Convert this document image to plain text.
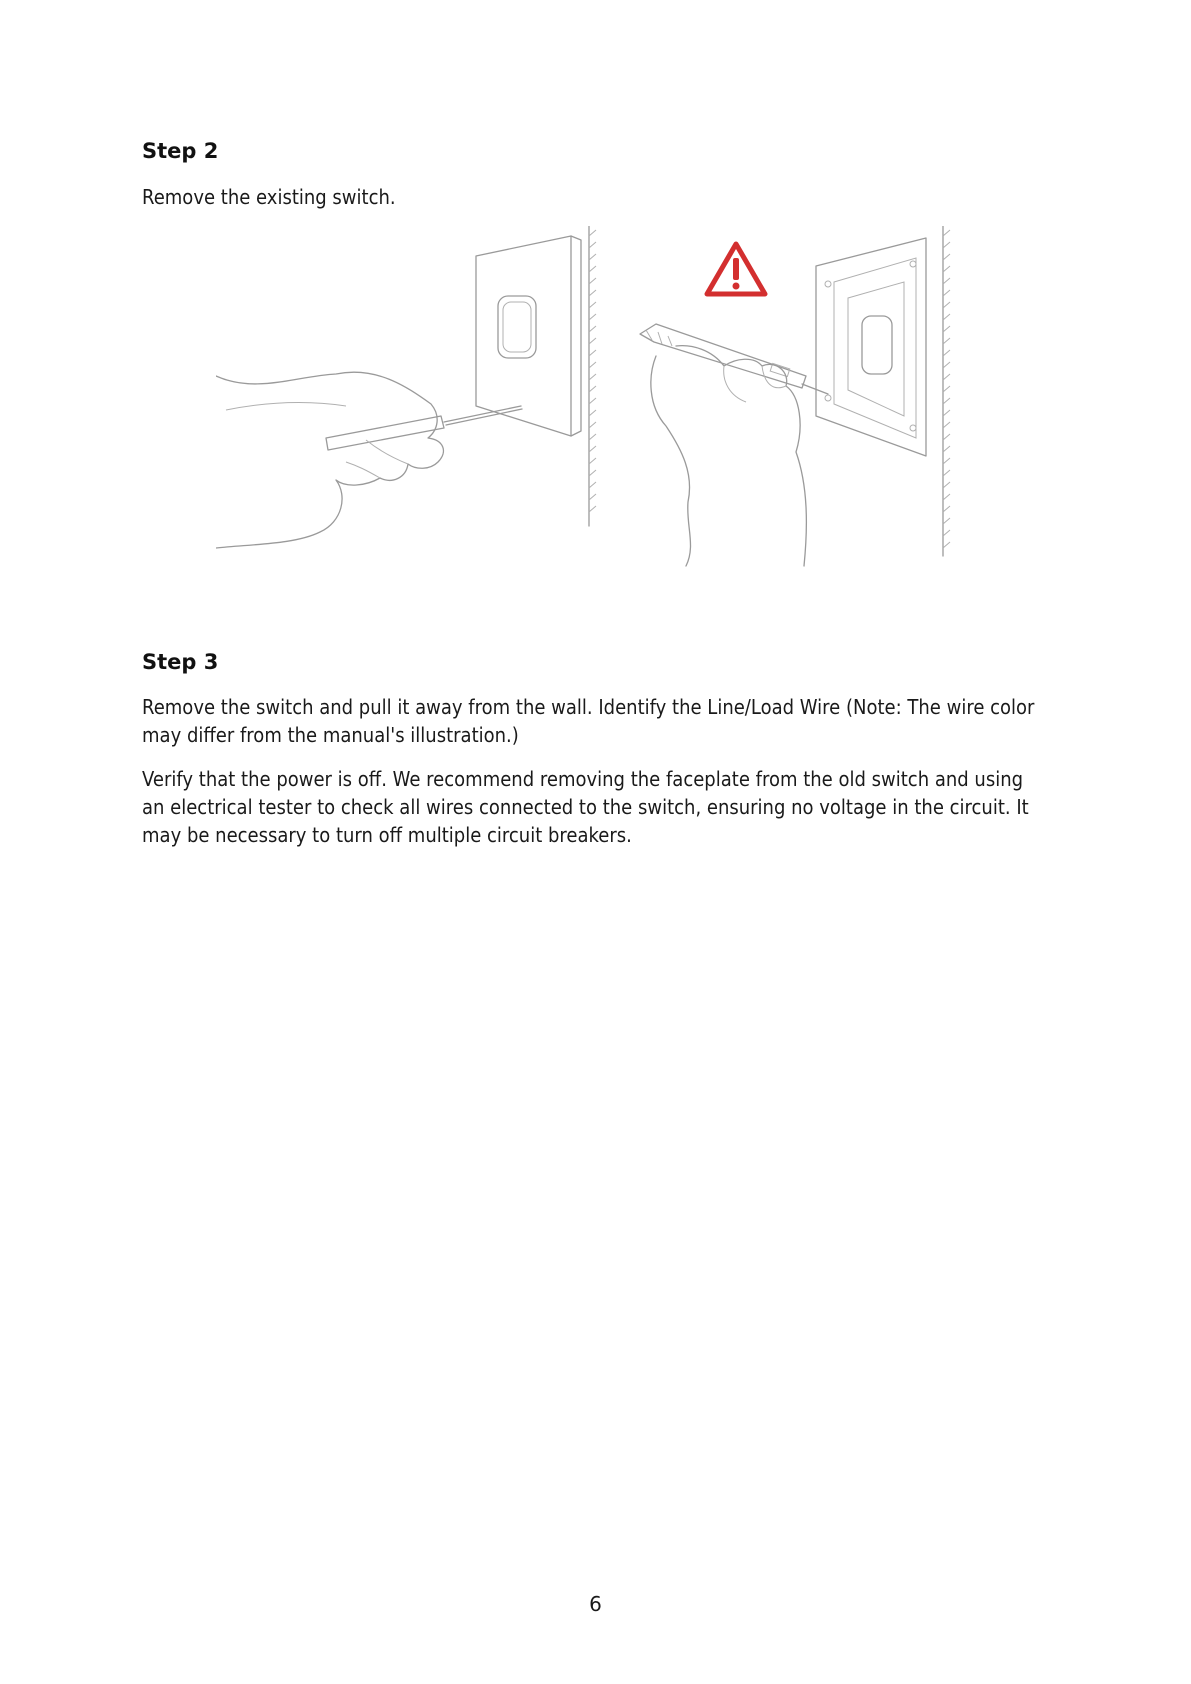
Step 2

Remove the existing switch.

Step 3

Remove the switch and pull it away from the wall. Identify the Line/Load Wire (Note: The wire color may differ from the manual's illustration.)

Verify that the power is off. We recommend removing the faceplate from the old switch and using an electrical tester to check all wires connected to the switch, ensuring no voltage in the circuit. It may be necessary to turn off multiple circuit breakers.

6
